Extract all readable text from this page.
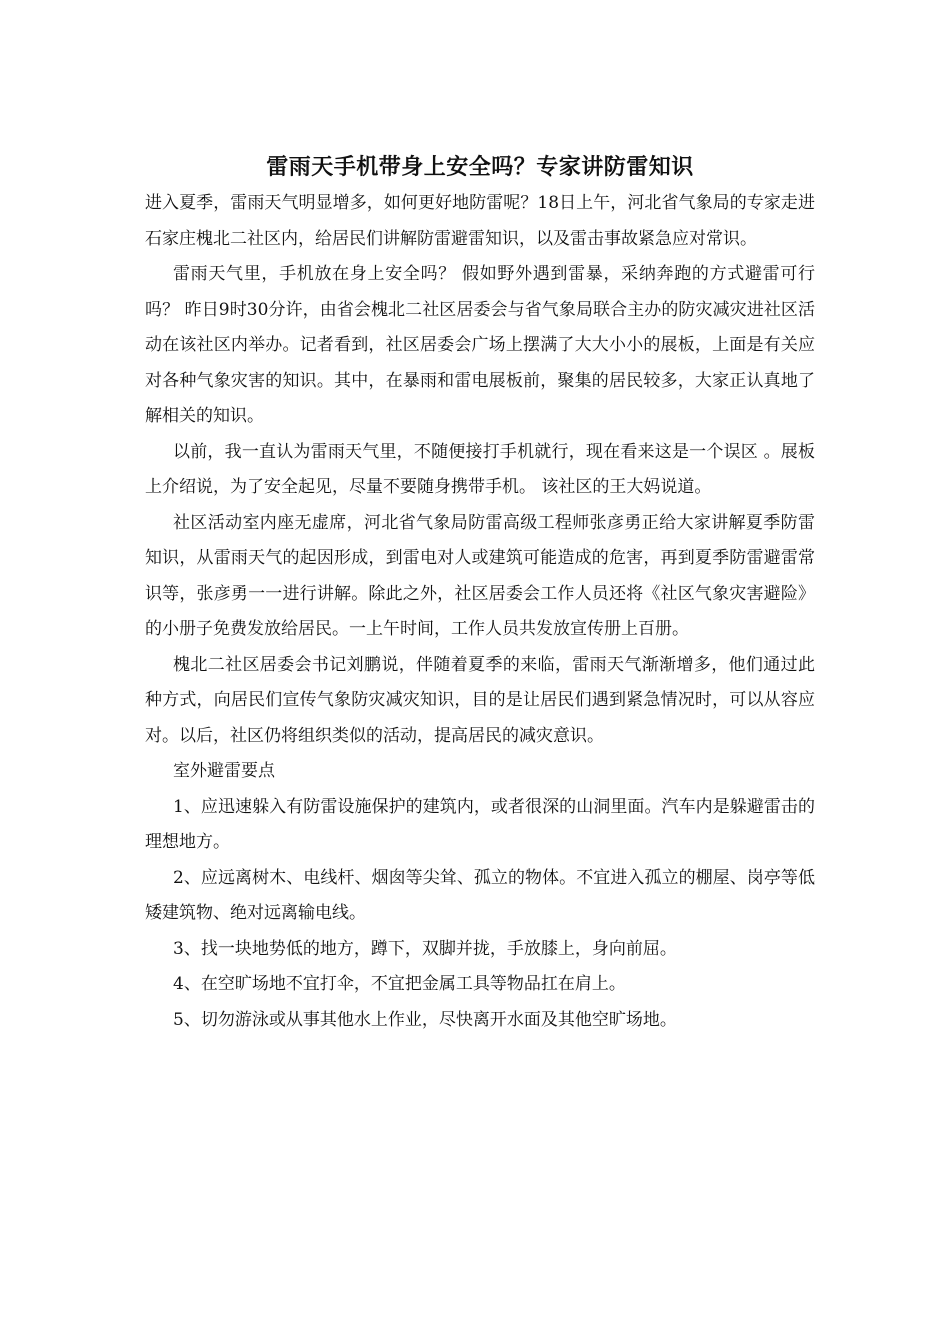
雷雨天手机带身上安全吗？专家讲防雷知识

进入夏季，雷雨天气明显增多，如何更好地防雷呢？18日上午，河北省气象局的专家走进石家庄槐北二社区内，给居民们讲解防雷避雷知识，以及雷击事故紧急应对常识。

雷雨天气里，手机放在身上安全吗？ 假如野外遇到雷暴，采纳奔跑的方式避雷可行吗？ 昨日9时30分许，由省会槐北二社区居委会与省气象局联合主办的防灾减灾进社区活动在该社区内举办。记者看到，社区居委会广场上摆满了大大小小的展板，上面是有关应对各种气象灾害的知识。其中，在暴雨和雷电展板前，聚集的居民较多，大家正认真地了解相关的知识。

以前，我一直认为雷雨天气里，不随便接打手机就行，现在看来这是一个误区 。展板上介绍说，为了安全起见，尽量不要随身携带手机。 该社区的王大妈说道。

社区活动室内座无虚席，河北省气象局防雷高级工程师张彦勇正给大家讲解夏季防雷知识，从雷雨天气的起因形成，到雷电对人或建筑可能造成的危害，再到夏季防雷避雷常识等，张彦勇一一进行讲解。除此之外，社区居委会工作人员还将《社区气象灾害避险》的小册子免费发放给居民。一上午时间，工作人员共发放宣传册上百册。

槐北二社区居委会书记刘鹏说，伴随着夏季的来临，雷雨天气渐渐增多，他们通过此种方式，向居民们宣传气象防灾减灾知识，目的是让居民们遇到紧急情况时，可以从容应对。以后，社区仍将组织类似的活动，提高居民的减灾意识。

室外避雷要点

1、应迅速躲入有防雷设施保护的建筑内，或者很深的山洞里面。汽车内是躲避雷击的理想地方。

2、应远离树木、电线杆、烟囱等尖耸、孤立的物体。不宜进入孤立的棚屋、岗亭等低矮建筑物、绝对远离输电线。

3、找一块地势低的地方，蹲下，双脚并拢，手放膝上，身向前屈。

4、在空旷场地不宜打伞，不宜把金属工具等物品扛在肩上。

5、切勿游泳或从事其他水上作业，尽快离开水面及其他空旷场地。
